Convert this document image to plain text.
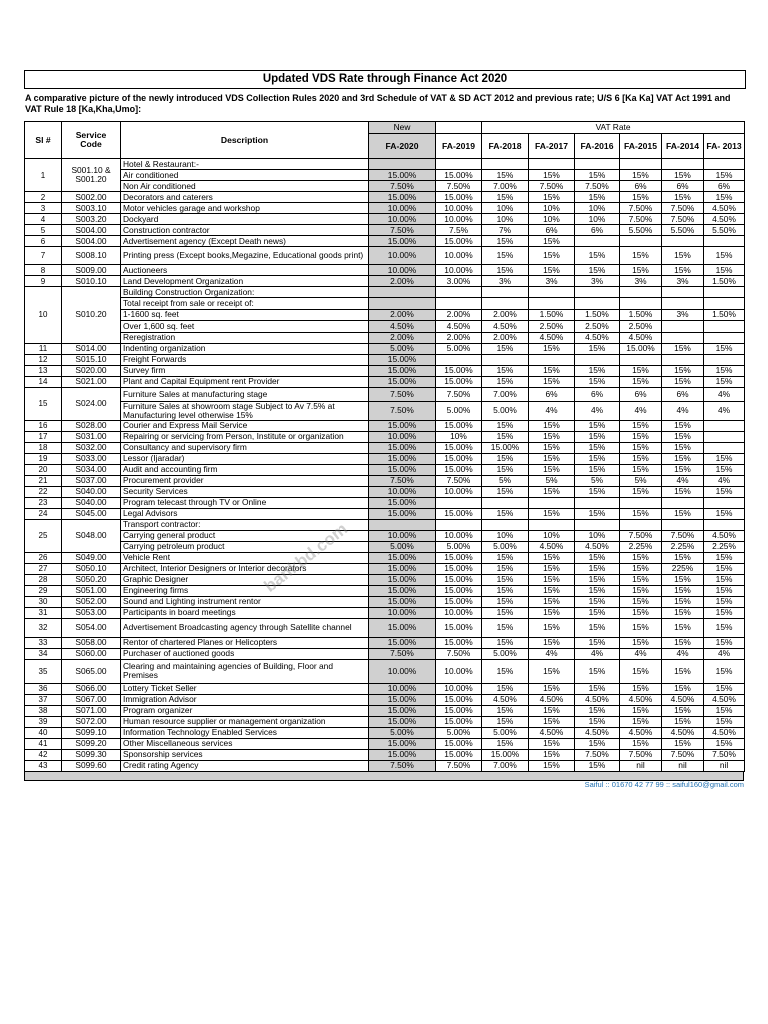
Updated VDS Rate through Finance Act 2020
A comparative picture of the newly introduced VDS Collection Rules 2020 and 3rd Schedule of VAT & SD ACT 2012 and previous rate; U/S 6 [Ka Ka] VAT Act 1991 and VAT Rule 18 [Ka,Kha,Umo]:
Sl #	Service Code	Description	New		VAT Rate					
			FA-2020	FA-2019	FA-2018	FA-2017	FA-2016	FA-2015	FA-2014	FA- 2013
1	S001.10 & S001.20	Hotel & Restaurant:-								
		Air conditioned	15.00%	15.00%	15%	15%	15%	15%	15%	15%
		Non Air conditioned	7.50%	7.50%	7.00%	7.50%	7.50%	6%	6%	6%
2	S002.00	Decorators and caterers	15.00%	15.00%	15%	15%	15%	15%	15%	15%
3	S003.10	Motor vehicles garage and workshop	10.00%	10.00%	10%	10%	10%	7.50%	7.50%	4.50%
4	S003.20	Dockyard	10.00%	10.00%	10%	10%	10%	7.50%	7.50%	4.50%
5	S004.00	Construction contractor	7.50%	7.5%	7%	6%	6%	5.50%	5.50%	5.50%
6	S004.00	Advertisement agency (Except Death news)	15.00%	15.00%	15%	15%				
7	S008.10	Printing press (Except books,Megazine, Educational goods print)	10.00%	10.00%	15%	15%	15%	15%	15%	15%
8	S009.00	Auctioneers	10.00%	10.00%	15%	15%	15%	15%	15%	15%
9	S010.10	Land Development Organization	2.00%	3.00%	3%	3%	3%	3%	3%	1.50%
10	S010.20	Building Construction Organization:								
		Total receipt from sale or receipt of:								
		1-1600 sq. feet	2.00%	2.00%	2.00%	1.50%	1.50%	1.50%	3%	1.50%
		Over 1,600 sq. feet	4.50%	4.50%	4.50%	2.50%	2.50%	2.50%		
		Reregistration	2.00%	2.00%	2.00%	4.50%	4.50%	4.50%		
11	S014.00	Indenting organization	5.00%	5.00%	15%	15%	15%	15.00%	15%	15%
12	S015.10	Freight Forwards	15.00%							
13	S020.00	Survey firm	15.00%	15.00%	15%	15%	15%	15%	15%	15%
14	S021.00	Plant and Capital Equipment rent Provider	15.00%	15.00%	15%	15%	15%	15%	15%	15%
15	S024.00	Furniture Sales at manufacturing stage	7.50%	7.50%	7.00%	6%	6%	6%	6%	4%
		Furniture Sales at showroom stage Subject to Av 7.5% at Manufacturing level otherwise 15%	7.50%	5.00%	5.00%	4%	4%	4%	4%	4%
16	S028.00	Courier and Express Mail Service	15.00%	15.00%	15%	15%	15%	15%	15%	
17	S031.00	Repairing or servicing from Person, Institute or organization	10.00%	10%	15%	15%	15%	15%	15%	
18	S032.00	Consultancy and supervisory firm	15.00%	15.00%	15.00%	15%	15%	15%	15%	
19	S033.00	Lessor (Ijaradar)	15.00%	15.00%	15%	15%	15%	15%	15%	15%
20	S034.00	Audit and accounting firm	15.00%	15.00%	15%	15%	15%	15%	15%	15%
21	S037.00	Procurement provider	7.50%	7.50%	5%	5%	5%	5%	4%	4%
22	S040.00	Security Services	10.00%	10.00%	15%	15%	15%	15%	15%	15%
23	S040.00	Program telecast through TV or Online	15.00%							
24	S045.00	Legal Advisors	15.00%	15.00%	15%	15%	15%	15%	15%	15%
25	S048.00	Transport contractor:								
		Carrying general product	10.00%	10.00%	10%	10%	10%	7.50%	7.50%	4.50%
		Carrying petroleum product	5.00%	5.00%	5.00%	4.50%	4.50%	2.25%	2.25%	2.25%
26	S049.00	Vehicle Rent	15.00%	15.00%	15%	15%	15%	15%	15%	15%
27	S050.10	Architect, Interior Designers or Interior decorators	15.00%	15.00%	15%	15%	15%	15%	225%	15%
28	S050.20	Graphic Designer	15.00%	15.00%	15%	15%	15%	15%	15%	15%
29	S051.00	Engineering firms	15.00%	15.00%	15%	15%	15%	15%	15%	15%
30	S052.00	Sound and Lighting instrument rentor	15.00%	15.00%	15%	15%	15%	15%	15%	15%
31	S053.00	Participants in board meetings	10.00%	10.00%	15%	15%	15%	15%	15%	15%
32	S054.00	Advertisement Broadcasting agency through Satellite channel	15.00%	15.00%	15%	15%	15%	15%	15%	15%
33	S058.00	Rentor of chartered Planes or Helicopters	15.00%	15.00%	15%	15%	15%	15%	15%	15%
34	S060.00	Purchaser of auctioned goods	7.50%	7.50%	5.00%	4%	4%	4%	4%	4%
35	S065.00	Clearing and maintaining agencies of Building, Floor and Premises	10.00%	10.00%	15%	15%	15%	15%	15%	15%
36	S066.00	Lottery Ticket Seller	10.00%	10.00%	15%	15%	15%	15%	15%	15%
37	S067.00	Immigration Advisor	15.00%	15.00%	4.50%	4.50%	4.50%	4.50%	4.50%	4.50%
38	S071.00	Program organizer	15.00%	15.00%	15%	15%	15%	15%	15%	15%
39	S072.00	Human resource supplier or management organization	15.00%	15.00%	15%	15%	15%	15%	15%	15%
40	S099.10	Information Technology Enabled Services	5.00%	5.00%	5.00%	4.50%	4.50%	4.50%	4.50%	4.50%
41	S099.20	Other Miscellaneous services	15.00%	15.00%	15%	15%	15%	15%	15%	15%
42	S099.30	Sponsorship services	15.00%	15.00%	15.00%	15%	7.50%	7.50%	7.50%	7.50%
43	S099.60	Credit rating Agency	7.50%	7.50%	7.00%	15%	15%	nil	nil	nil
Saiful :: 01670 42 77 99 :: saiful160@gmail.com
bankbd.com
